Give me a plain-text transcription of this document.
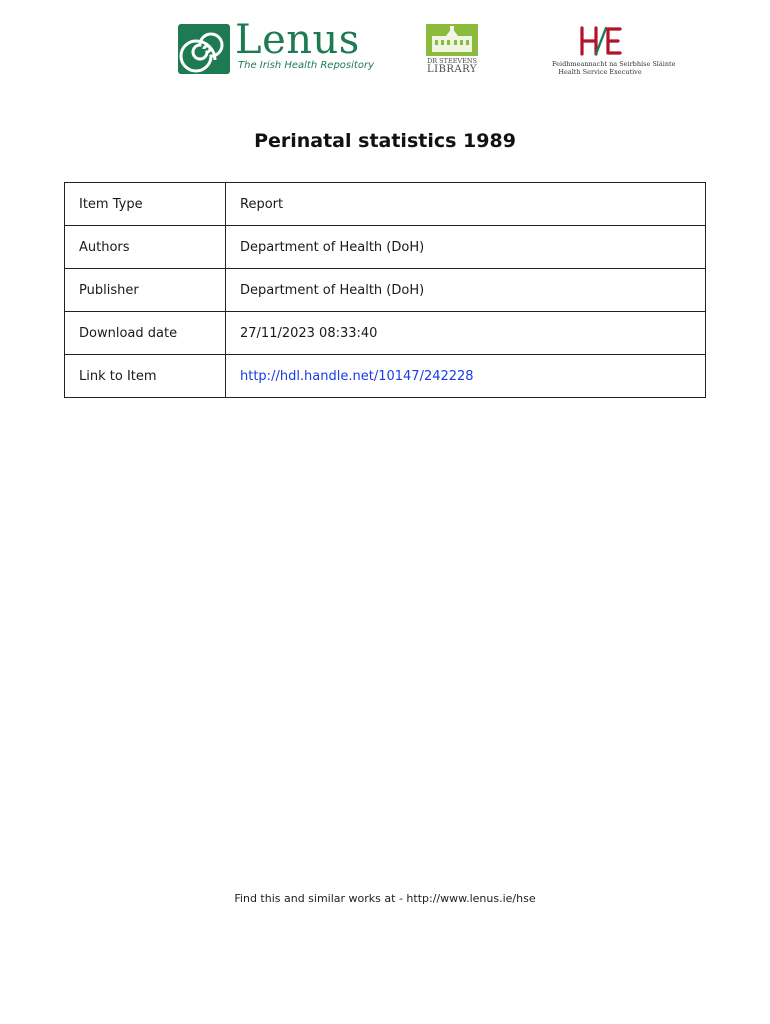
Lenus
The Irish Health Repository	DR STEEVENS
LIBRARY	Feidhmeannacht na Seirbhíse Sláinte
Health Service Executive
Perinatal statistics 1989
Item Type	Report
Authors	Department of Health (DoH)
Publisher	Department of Health (DoH)
Download date	27/11/2023 08:33:40
Link to Item	http://hdl.handle.net/10147/242228
Find this and similar works at - http://www.lenus.ie/hse
